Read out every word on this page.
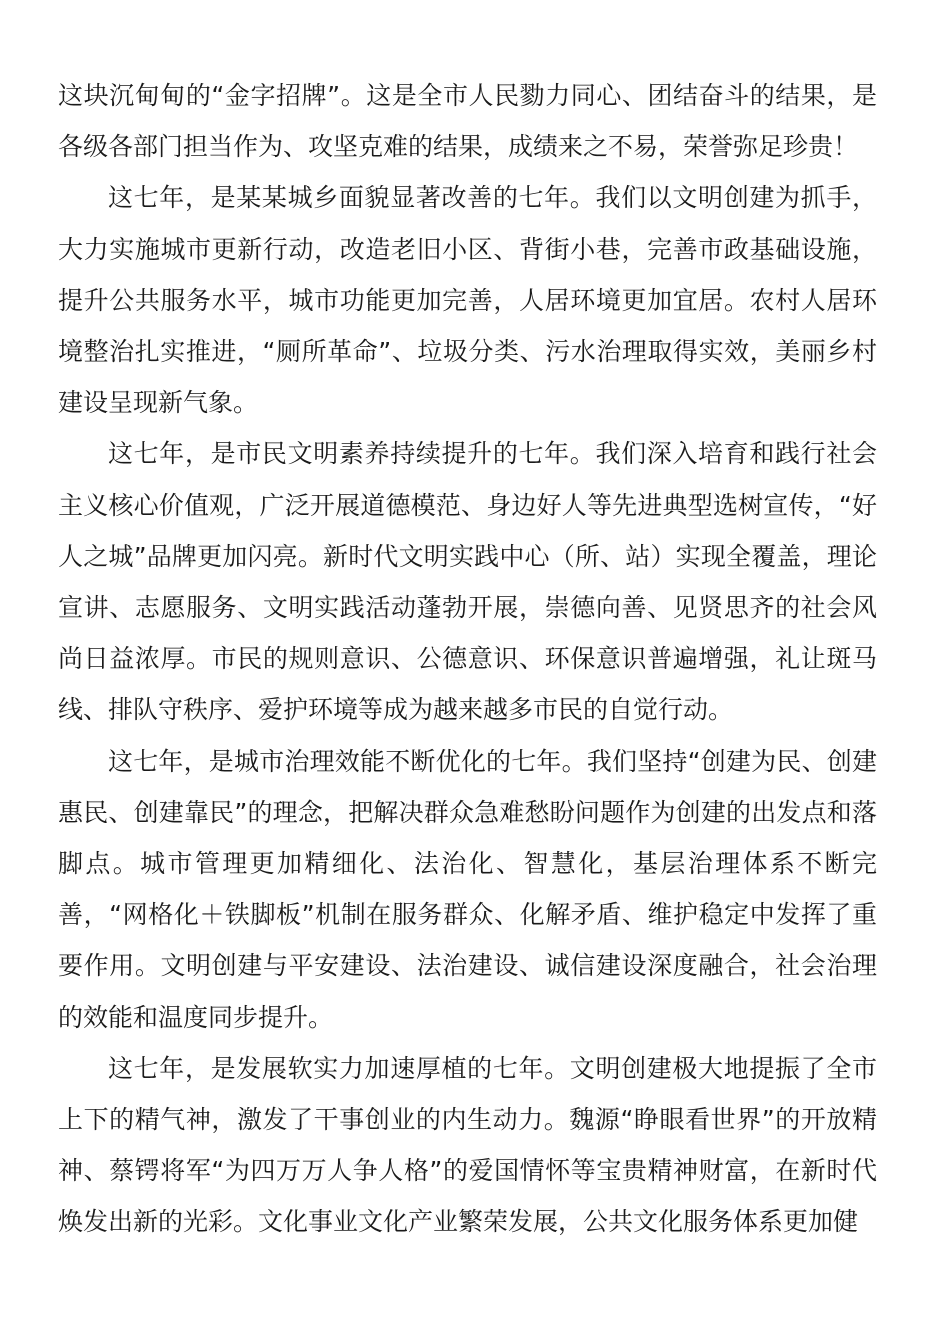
这块沉甸甸的“金字招牌”。这是全市人民勠力同心、团结奋斗的结果，是各级各部门担当作为、攻坚克难的结果，成绩来之不易，荣誉弥足珍贵！

这七年，是某某城乡面貌显著改善的七年。我们以文明创建为抓手，大力实施城市更新行动，改造老旧小区、背街小巷，完善市政基础设施，提升公共服务水平，城市功能更加完善，人居环境更加宜居。农村人居环境整治扎实推进，“厕所革命”、垃圾分类、污水治理取得实效，美丽乡村建设呈现新气象。

这七年，是市民文明素养持续提升的七年。我们深入培育和践行社会主义核心价值观，广泛开展道德模范、身边好人等先进典型选树宣传，“好人之城”品牌更加闪亮。新时代文明实践中心（所、站）实现全覆盖，理论宣讲、志愿服务、文明实践活动蓬勃开展，崇德向善、见贤思齐的社会风尚日益浓厚。市民的规则意识、公德意识、环保意识普遍增强，礼让斑马线、排队守秩序、爱护环境等成为越来越多市民的自觉行动。

这七年，是城市治理效能不断优化的七年。我们坚持“创建为民、创建惠民、创建靠民”的理念，把解决群众急难愁盼问题作为创建的出发点和落脚点。城市管理更加精细化、法治化、智慧化，基层治理体系不断完善，“网格化＋铁脚板”机制在服务群众、化解矛盾、维护稳定中发挥了重要作用。文明创建与平安建设、法治建设、诚信建设深度融合，社会治理的效能和温度同步提升。

这七年，是发展软实力加速厚植的七年。文明创建极大地提振了全市上下的精气神，激发了干事创业的内生动力。魏源“睁眼看世界”的开放精神、蔡锷将军“为四万万人争人格”的爱国情怀等宝贵精神财富，在新时代焕发出新的光彩。文化事业文化产业繁荣发展，公共文化服务体系更加健
